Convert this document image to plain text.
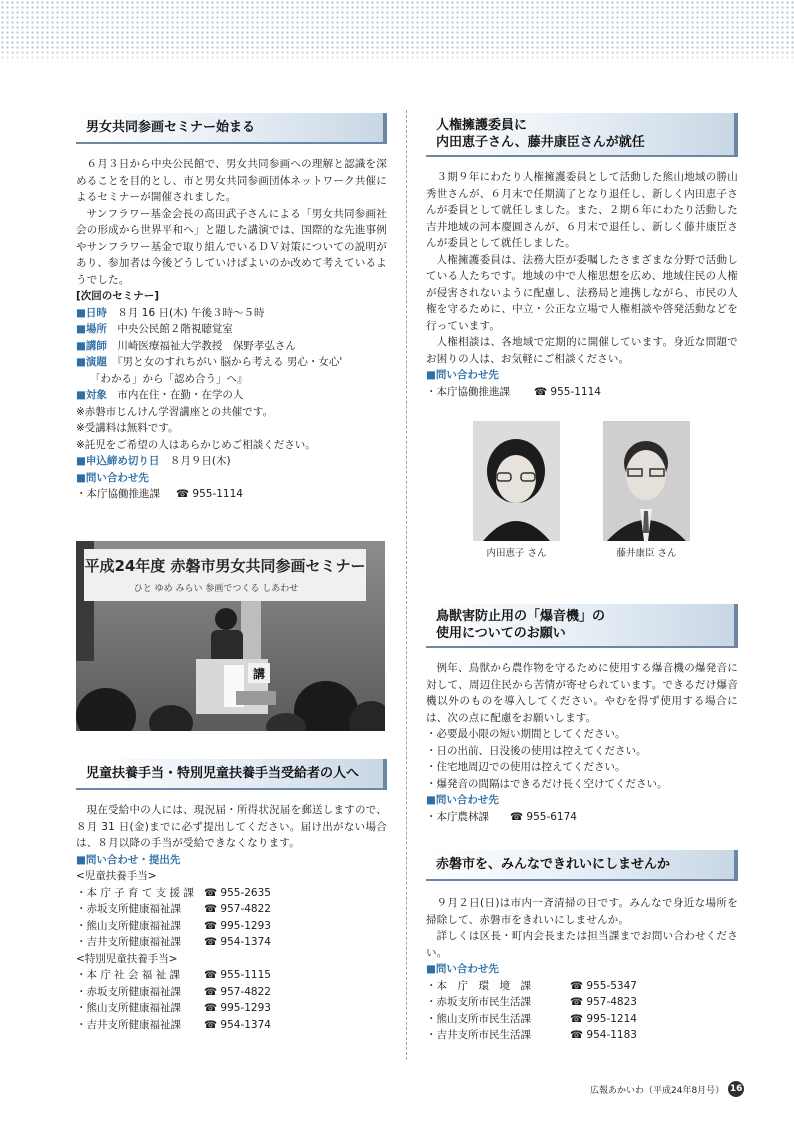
男女共同参画セミナー始まる

６月３日から中央公民館で、男女共同参画への理解と認識を深めることを目的とし、市と男女共同参画団体ネットワーク共催によるセミナーが開催されました。

サンフラワー基金会長の高田武子さんによる「男女共同参画社会の形成から世界平和へ」と題した講演では、国際的な先進事例やサンフラワー基金で取り組んでいるＤＶ対策についての説明があり、参加者は今後どうしていけばよいのか改めて考えているようでした。

[次回のセミナー]

■日時　 ８月 16 日(木) 午後３時〜５時

■場所　 中央公民館２階視聴覚室

■講師　 川崎医療福祉大学教授　保野孝弘さん

■演題　 『男と女のすれちがい 脳から考える 男心・女心'

「わかる」から「認め合う」へ』

■対象　 市内在住・在勤・在学の人

※赤磐市じんけん学習講座との共催です。

※受講料は無料です。

※託児をご希望の人はあらかじめご相談ください。

■申込締め切り日　 ８月９日(木)

■問い合わせ先

・本庁協働推進課	☎ 955-1114
平成24年度 赤磐市男女共同参画セミナー
ひと ゆめ みらい 参画でつくる しあわせ
講
児童扶養手当・特別児童扶養手当受給者の人へ

現在受給中の人には、現況届・所得状況届を郵送しますので、８月 31 日(金)までに必ず提出してください。届け出がない場合は、８月以降の手当が受給できなくなります。

■問い合わせ・提出先

<児童扶養手当>

・本 庁 子 育 て 支 援 課 ☎ 955-2635
・赤坂支所健康福祉課	☎ 957-4822
・熊山支所健康福祉課	☎ 995-1293
・吉井支所健康福祉課	☎ 954-1374

<特別児童扶養手当>

・本 庁 社 会 福 祉 課	☎ 955-1115
・赤坂支所健康福祉課	☎ 957-4822
・熊山支所健康福祉課	☎ 995-1293
・吉井支所健康福祉課	☎ 954-1374
人権擁護委員に
内田恵子さん、藤井康臣さんが就任

３期９年にわたり人権擁護委員として活動した熊山地域の勝山秀世さんが、６月末で任期満了となり退任し、新しく内田恵子さんが委員として就任しました。また、２期６年にわたり活動した吉井地域の河本慶圓さんが、６月末で退任し、新しく藤井康臣さんが委員として就任しました。

人権擁護委員は、法務大臣が委嘱したさまざまな分野で活動している人たちです。地域の中で人権思想を広め、地域住民の人権が侵害されないように配慮し、法務局と連携しながら、市民の人権を守るために、中立・公正な立場で人権相談や啓発活動などを行っています。

人権相談は、各地域で定期的に開催しています。身近な問題でお困りの人は、お気軽にご相談ください。

■問い合わせ先

・本庁協働推進課	☎ 955-1114
内田恵子 さん	藤井康臣 さん
鳥獣害防止用の「爆音機」の
使用についてのお願い

例年、鳥獣から農作物を守るために使用する爆音機の爆発音に対して、周辺住民から苦情が寄せられています。できるだけ爆音機以外のものを導入してください。やむを得ず使用する場合には、次の点に配慮をお願いします。

・必要最小限の短い期間としてください。

・日の出前、日没後の使用は控えてください。

・住宅地周辺での使用は控えてください。

・爆発音の間隔はできるだけ長く空けてください。

■問い合わせ先

・本庁農林課	☎ 955-6174
赤磐市を、みんなできれいにしませんか

９月２日(日)は市内一斉清掃の日です。みんなで身近な場所を掃除して、赤磐市をきれいにしませんか。

詳しくは区長・町内会長または担当課までお問い合わせください。

■問い合わせ先

・本　庁　環　境　課	☎ 955-5347
・赤坂支所市民生活課	☎ 957-4823
・熊山支所市民生活課	☎ 995-1214
・吉井支所市民生活課	☎ 954-1183
広報あかいわ（平成24年8月号） 16
